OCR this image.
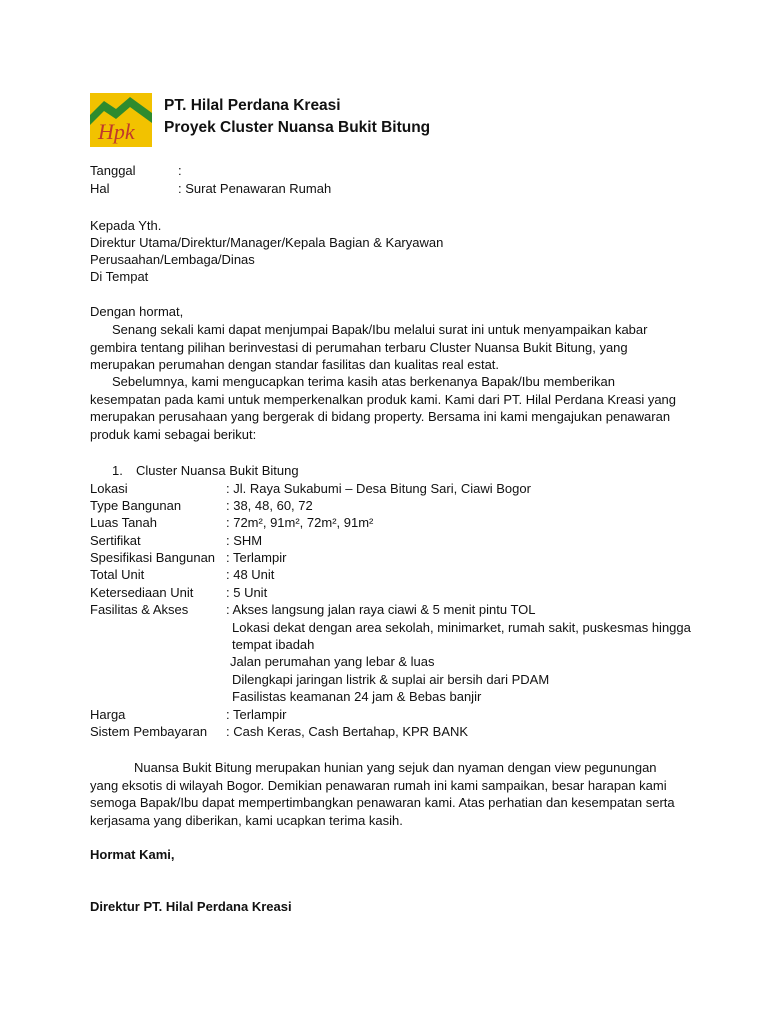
Hpk
PT. Hilal Perdana Kreasi
Proyek Cluster Nuansa Bukit Bitung
Tanggal	:
Hal	: Surat Penawaran Rumah
Kepada Yth.
Direktur Utama/Direktur/Manager/Kepala Bagian & Karyawan
Perusaahan/Lembaga/Dinas
Di Tempat
Dengan hormat,
Senang sekali kami dapat menjumpai Bapak/Ibu melalui surat ini untuk menyampaikan kabar gembira tentang pilihan berinvestasi di perumahan terbaru Cluster Nuansa Bukit Bitung, yang merupakan perumahan dengan standar fasilitas dan kualitas real estat.
Sebelumnya, kami mengucapkan terima kasih atas berkenanya Bapak/Ibu memberikan kesempatan pada kami untuk memperkenalkan produk kami. Kami dari PT. Hilal Perdana Kreasi yang merupakan perusahaan yang bergerak di bidang property. Bersama ini kami mengajukan penawaran produk kami sebagai berikut:
1. Cluster Nuansa Bukit Bitung
Lokasi	: Jl. Raya Sukabumi – Desa Bitung Sari, Ciawi Bogor
Type Bangunan	: 38, 48, 60, 72
Luas Tanah	: 72m², 91m², 72m², 91m²
Sertifikat	: SHM
Spesifikasi Bangunan : Terlampir
Total Unit	: 48 Unit
Ketersediaan Unit	: 5 Unit
Fasilitas & Akses	: Akses langsung jalan raya ciawi & 5 menit pintu TOL
Lokasi dekat dengan area sekolah, minimarket, rumah sakit, puskesmas hingga
tempat ibadah
Jalan perumahan yang lebar & luas
Dilengkapi jaringan listrik & suplai air bersih dari PDAM
Fasilistas keamanan 24 jam & Bebas banjir
Harga	: Terlampir
Sistem Pembayaran : Cash Keras, Cash Bertahap, KPR BANK
Nuansa Bukit Bitung merupakan hunian yang sejuk dan nyaman dengan view pegunungan yang eksotis di wilayah Bogor. Demikian penawaran rumah ini kami sampaikan, besar harapan kami semoga Bapak/Ibu dapat mempertimbangkan penawaran kami. Atas perhatian dan kesempatan serta kerjasama yang diberikan, kami ucapkan terima kasih.
Hormat Kami,
Direktur PT. Hilal Perdana Kreasi
